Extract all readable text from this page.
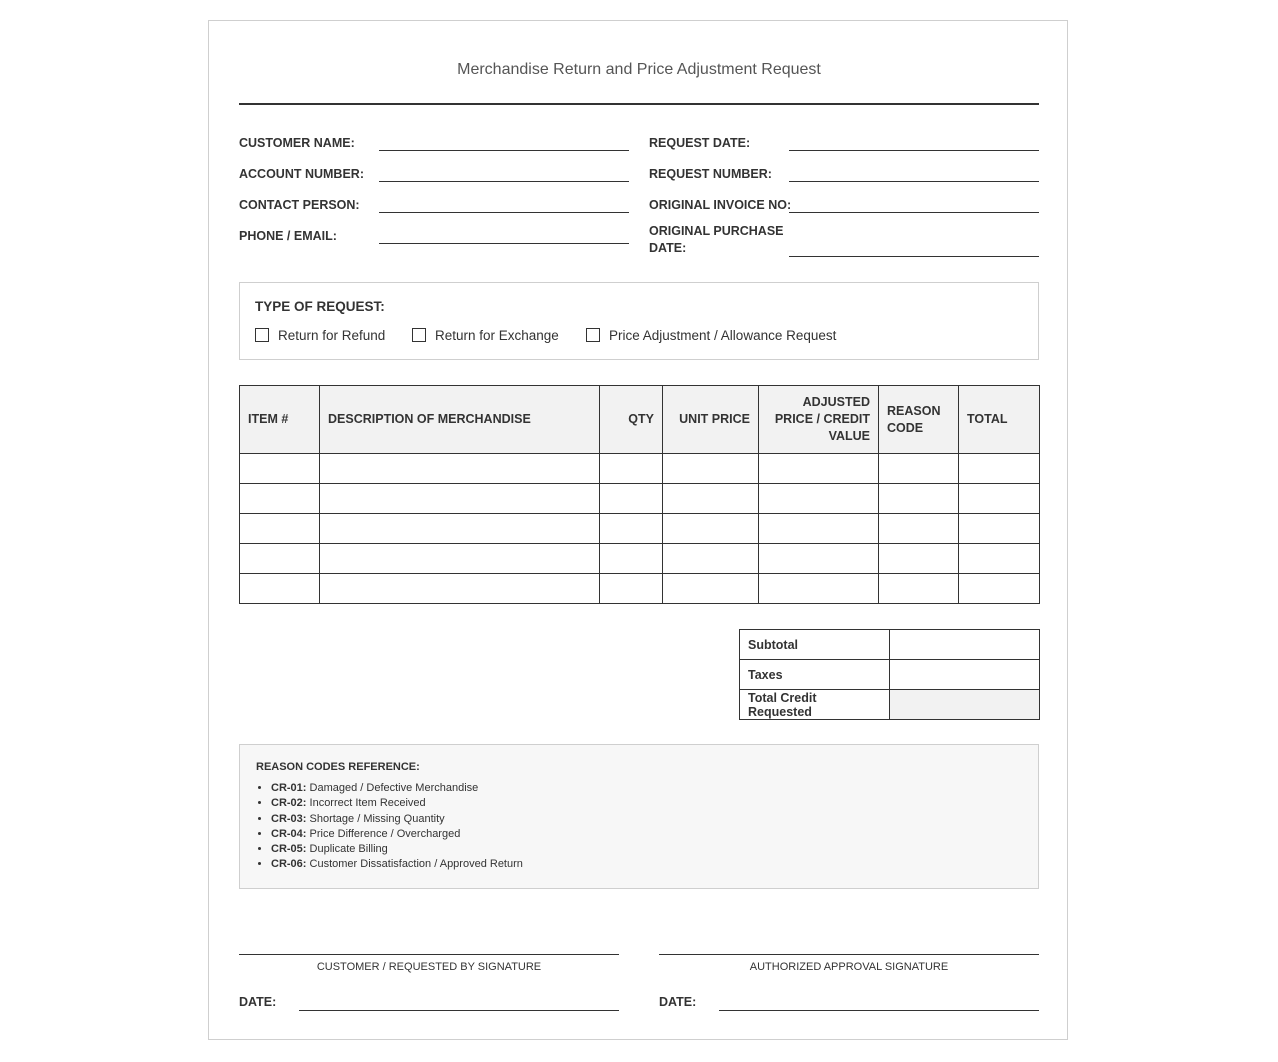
Merchandise Return and Price Adjustment Request
CUSTOMER NAME:
ACCOUNT NUMBER:
CONTACT PERSON:
PHONE / EMAIL:
REQUEST DATE:
REQUEST NUMBER:
ORIGINAL INVOICE NO:
ORIGINAL PURCHASE DATE:
TYPE OF REQUEST:
Return for Refund	Return for Exchange	Price Adjustment / Allowance Request
ITEM #	DESCRIPTION OF MERCHANDISE	QTY	UNIT PRICE	ADJUSTED PRICE / CREDIT VALUE	REASON CODE	TOTAL

Subtotal	
Taxes	
Total Credit Requested	
REASON CODES REFERENCE:
• CR-01: Damaged / Defective Merchandise
• CR-02: Incorrect Item Received
• CR-03: Shortage / Missing Quantity
• CR-04: Price Difference / Overcharged
• CR-05: Duplicate Billing
• CR-06: Customer Dissatisfaction / Approved Return
CUSTOMER / REQUESTED BY SIGNATURE	AUTHORIZED APPROVAL SIGNATURE
DATE:	DATE:
